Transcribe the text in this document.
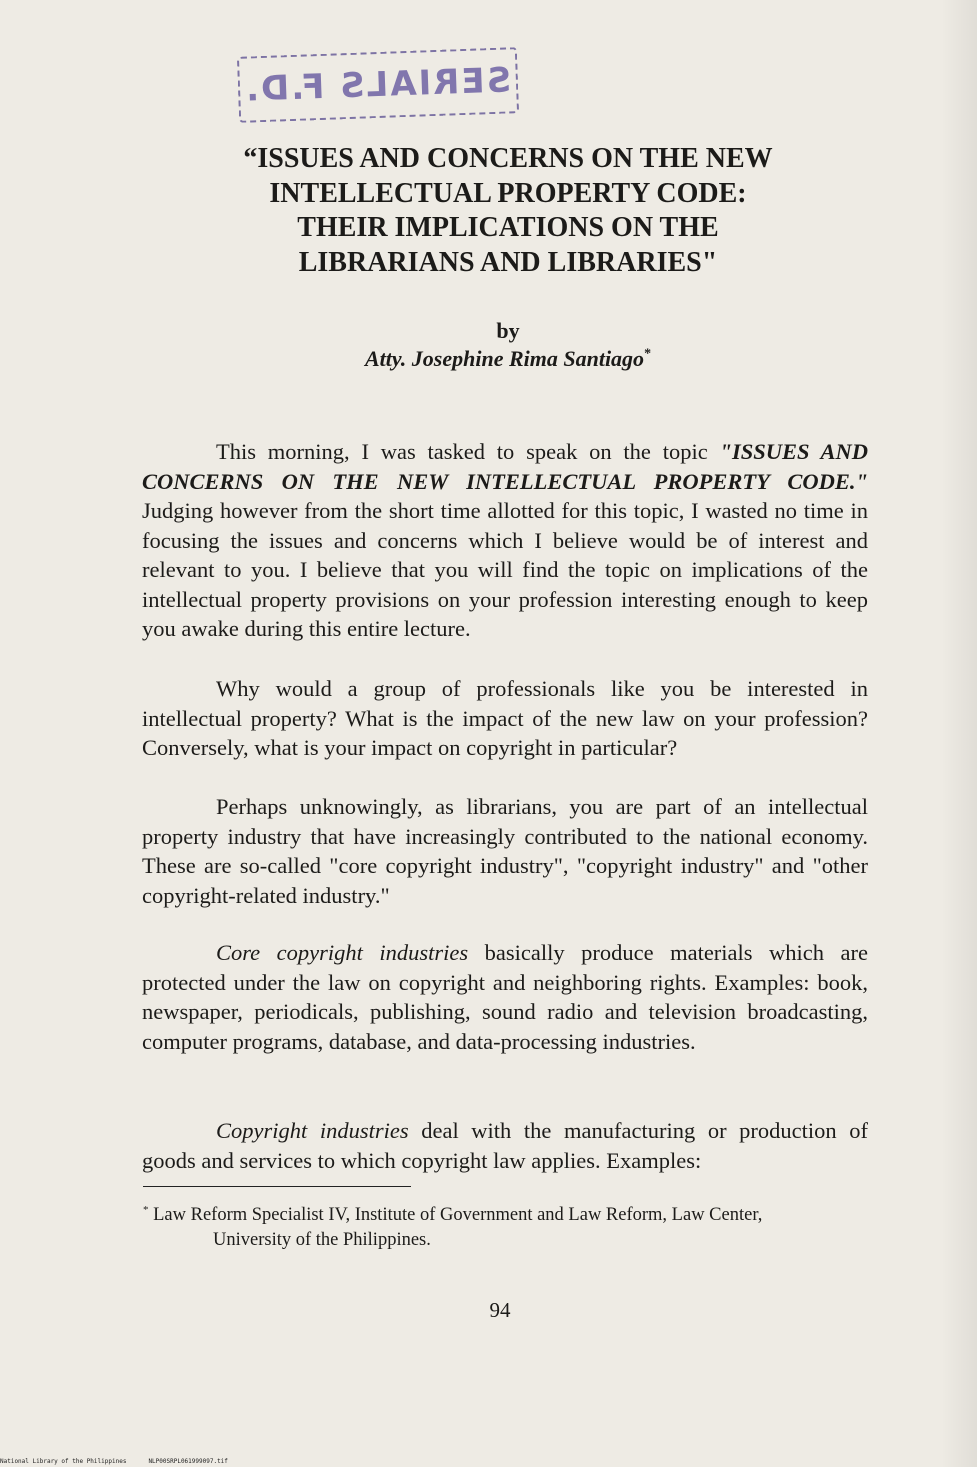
SERIALS F.D.
“ISSUES AND CONCERNS ON THE NEW
INTELLECTUAL PROPERTY CODE:
THEIR IMPLICATIONS ON THE
LIBRARIANS AND LIBRARIES"

by

Atty. Josephine Rima Santiago*

This morning, I was tasked to speak on the topic "ISSUES AND CONCERNS ON THE NEW INTELLECTUAL PROPERTY CODE." Judging however from the short time allotted for this topic, I wasted no time in focusing the issues and concerns which I believe would be of interest and relevant to you. I believe that you will find the topic on implications of the intellectual property provisions on your profession interesting enough to keep you awake during this entire lecture.

Why would a group of professionals like you be interested in intellectual property? What is the impact of the new law on your profession? Conversely, what is your impact on copyright in particular?

Perhaps unknowingly, as librarians, you are part of an intellectual property industry that have increasingly contributed to the national economy. These are so-called "core copyright industry", "copyright industry" and "other copyright-related industry."

Core copyright industries basically produce materials which are protected under the law on copyright and neighboring rights. Examples: book, newspaper, periodicals, publishing, sound radio and television broadcasting, computer programs, database, and data-processing industries.

Copyright industries deal with the manufacturing or production of goods and services to which copyright law applies. Examples:

* Law Reform Specialist IV, Institute of Government and Law Reform, Law Center,
University of the Philippines.

94
National Library of the Philippines	NLP00SRPL061999097.tif
